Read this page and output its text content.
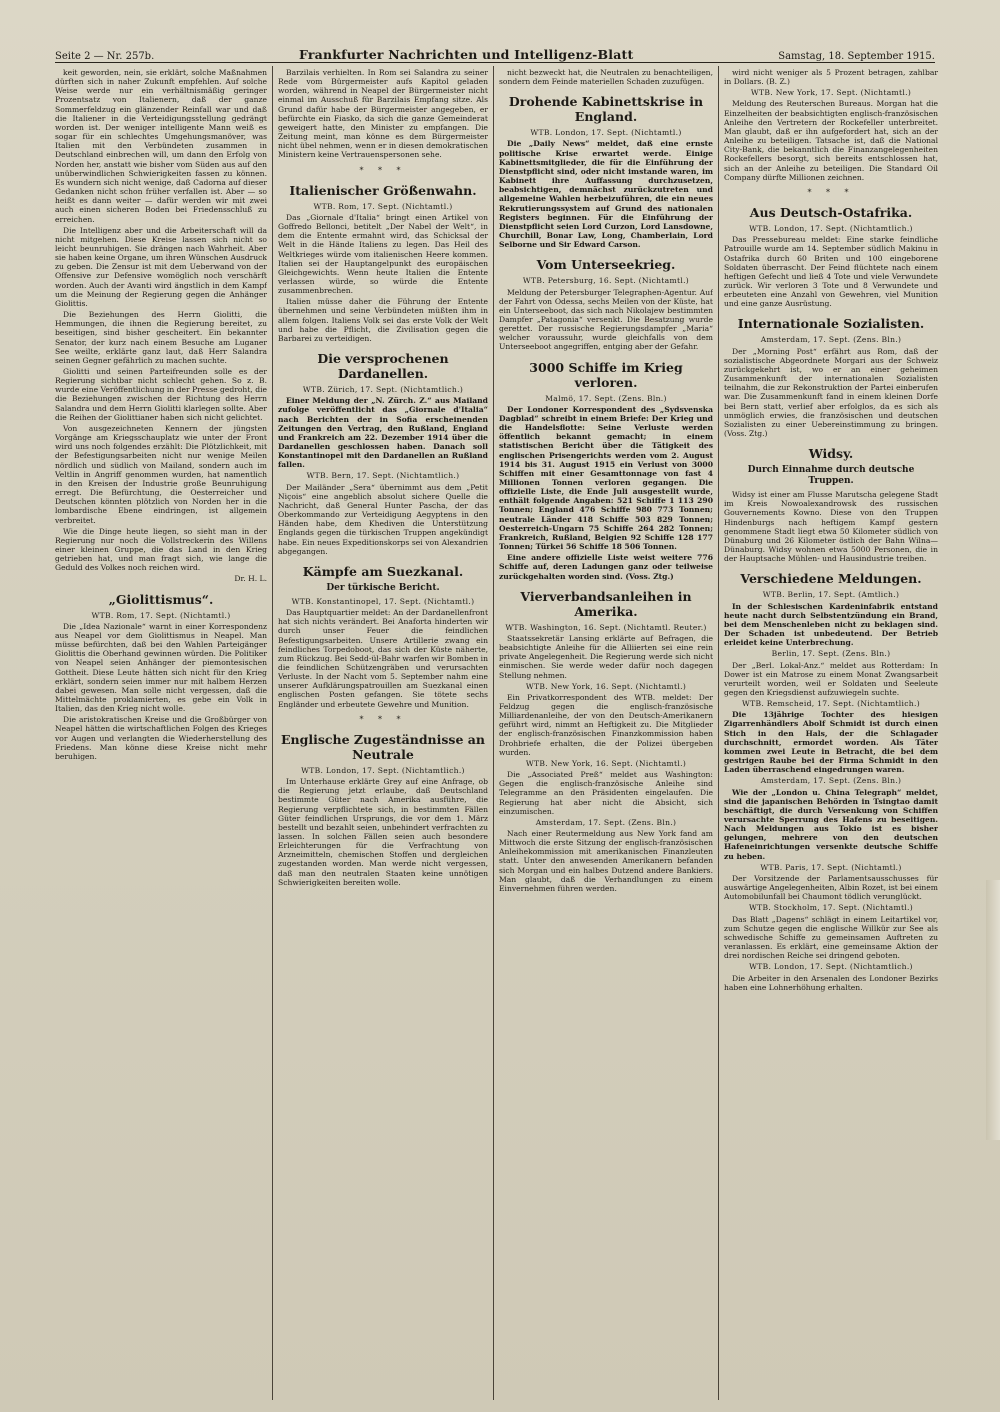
Seite 2 — Nr. 257b.	Frankfurter Nachrichten und Intelligenz-Blatt	Samstag, 18. September 1915.

keit geworden, nein, sie erklärt, solche Maßnahmen dürften sich in naher Zukunft empfehlen. Auf solche Weise werde nur ein verhältnismäßig geringer Prozentsatz von Italienern, daß der ganze Sommerfeldzug ein glänzender Reinfall war und daß die Italiener in die Verteidigungsstellung gedrängt worden ist. Der weniger intelligente Mann weiß es sogar für ein schlechtes Umgehungsmanöver, was Italien mit den Verbündeten zusammen in Deutschland einbrechen will, um dann den Erfolg von Norden her, anstatt wie bisher vom Süden aus auf den unüberwindlichen Schwierigkeiten fassen zu können. Es wundern sich nicht wenige, daß Cadorna auf dieser Gedanken nicht schon früher verfallen ist. Aber — so heißt es dann weiter — dafür werden wir mit zwei auch einen sicheren Boden bei Friedensschluß zu erreichen.

Die Intelligenz aber und die Arbeiterschaft will da nicht mitgehen. Diese Kreise lassen sich nicht so leicht beunruhigen. Sie drängen nach Wahrheit. Aber sie haben keine Organe, um ihren Wünschen Ausdruck zu geben. Die Zensur ist mit dem Ueberwand von der Offensive zur Defensive womöglich noch verschärft worden. Auch der Avanti wird ängstlich in dem Kampf um die Meinung der Regierung gegen die Anhänger Giolittis.

Die Beziehungen des Herrn Giolitti, die Hemmungen, die ihnen die Regierung bereitet, zu beseitigen, sind bisher gescheitert. Ein bekannter Senator, der kurz nach einem Besuche am Luganer See weilte, erklärte ganz laut, daß Herr Salandra seinen Gegner gefährlich zu machen suchte.

Giolitti und seinen Parteifreunden solle es der Regierung sichtbar nicht schlecht gehen. So z. B. wurde eine Veröffentlichung in der Presse gedroht, die die Beziehungen zwischen der Richtung des Herrn Salandra und dem Herrn Giolitti klarlegen sollte. Aber die Reihen der Giolittianer haben sich nicht gelichtet.

Von ausgezeichneten Kennern der jüngsten Vorgänge am Kriegsschauplatz wie unter der Front wird uns noch folgendes erzählt: Die Plötzlichkeit, mit der Befestigungsarbeiten nicht nur wenige Meilen nördlich und südlich von Mailand, sondern auch im Veltlin in Angriff genommen wurden, hat namentlich in den Kreisen der Industrie große Beunruhigung erregt. Die Befürchtung, die Oesterreicher und Deutschen könnten plötzlich von Norden her in die lombardische Ebene eindringen, ist allgemein verbreitet.

Wie die Dinge heute liegen, so sieht man in der Regierung nur noch die Vollstreckerin des Willens einer kleinen Gruppe, die das Land in den Krieg getrieben hat, und man fragt sich, wie lange die Geduld des Volkes noch reichen wird.

Dr. H. L.
„Giolittismus“.
WTB. Rom, 17. Sept. (Nichtamtl.)

Die „Idea Nazionale“ warnt in einer Korrespondenz aus Neapel vor dem Giolittismus in Neapel. Man müsse befürchten, daß bei den Wahlen Parteigänger Giolittis die Oberhand gewinnen würden. Die Politiker von Neapel seien Anhänger der piemontesischen Gottheit. Diese Leute hätten sich nicht für den Krieg erklärt, sondern seien immer nur mit halbem Herzen dabei gewesen. Man solle nicht vergessen, daß die Mittelmächte proklamierten, es gebe ein Volk in Italien, das den Krieg nicht wolle.

Die aristokratischen Kreise und die Großbürger von Neapel hätten die wirtschaftlichen Folgen des Krieges vor Augen und verlangten die Wiederherstellung des Friedens. Man könne diese Kreise nicht mehr beruhigen.

Barzilais verhielten. In Rom sei Salandra zu seiner Rede vom Bürgermeister aufs Kapitol geladen worden, während in Neapel der Bürgermeister nicht einmal im Ausschuß für Barzilais Empfang sitze. Als Grund dafür habe der Bürgermeister angegeben, er befürchte ein Fiasko, da sich die ganze Gemeinderat geweigert hatte, den Minister zu empfangen. Die Zeitung meint, man könne es dem Bürgermeister nicht übel nehmen, wenn er in diesen demokratischen Ministern keine Vertrauenspersonen sehe.

* * *
Italienischer Größenwahn.
WTB. Rom, 17. Sept. (Nichtamtl.)

Das „Giornale d'Italia“ bringt einen Artikel von Goffredo Bellonci, betitelt „Der Nabel der Welt“, in dem die Entente ermahnt wird, das Schicksal der Welt in die Hände Italiens zu legen. Das Heil des Weltkrieges würde vom italienischen Heere kommen. Italien sei der Hauptangelpunkt des europäischen Gleichgewichts. Wenn heute Italien die Entente verlassen würde, so würde die Entente zusammenbrechen.

Italien müsse daher die Führung der Entente übernehmen und seine Verbündeten müßten ihm in allem folgen. Italiens Volk sei das erste Volk der Welt und habe die Pflicht, die Zivilisation gegen die Barbarei zu verteidigen.

Die versprochenen Dardanellen.
WTB. Zürich, 17. Sept. (Nichtamtlich.)

Einer Meldung der „N. Zürch. Z.“ aus Mailand zufolge veröffentlicht das „Giornale d'Italia“ nach Berichten der in Sofia erscheinenden Zeitungen den Vertrag, den Rußland, England und Frankreich am 22. Dezember 1914 über die Dardanellen geschlossen haben. Danach soll Konstantinopel mit den Dardanellen an Rußland fallen.

WTB. Bern, 17. Sept. (Nichtamtlich.)

Der Mailänder „Sera“ übernimmt aus dem „Petit Niçois“ eine angeblich absolut sichere Quelle die Nachricht, daß General Hunter Pascha, der das Oberkommando zur Verteidigung Aegyptens in den Händen habe, dem Khediven die Unterstützung Englands gegen die türkischen Truppen angekündigt habe. Ein neues Expeditionskorps sei von Alexandrien abgegangen.

Kämpfe am Suezkanal.
Der türkische Bericht.
WTB. Konstantinopel, 17. Sept. (Nichtamtl.)

Das Hauptquartier meldet: An der Dardanellenfront hat sich nichts verändert. Bei Anaforta hinderten wir durch unser Feuer die feindlichen Befestigungsarbeiten. Unsere Artillerie zwang ein feindliches Torpedoboot, das sich der Küste näherte, zum Rückzug. Bei Sedd-ül-Bahr warfen wir Bomben in die feindlichen Schützengräben und verursachten Verluste. In der Nacht vom 5. September nahm eine unserer Aufklärungspatrouillen am Suezkanal einen englischen Posten gefangen. Sie tötete sechs Engländer und erbeutete Gewehre und Munition.

* * *
Englische Zugeständnisse an Neutrale
WTB. London, 17. Sept. (Nichtamtlich.)

Im Unterhause erklärte Grey auf eine Anfrage, ob die Regierung jetzt erlaube, daß Deutschland bestimmte Güter nach Amerika ausführe, die Regierung verpflichtete sich, in bestimmten Fällen Güter feindlichen Ursprungs, die vor dem 1. März bestellt und bezahlt seien, unbehindert verfrachten zu lassen. In solchen Fällen seien auch besondere Erleichterungen für die Verfrachtung von Arzneimitteln, chemischen Stoffen und dergleichen zugestanden worden. Man werde nicht vergessen, daß man den neutralen Staaten keine unnötigen Schwierigkeiten bereiten wolle.

nicht bezweckt hat, die Neutralen zu benachteiligen, sondern dem Feinde materiellen Schaden zuzufügen.

Drohende Kabinettskrise in England.
WTB. London, 17. Sept. (Nichtamtl.)

Die „Daily News“ meldet, daß eine ernste politische Krise erwartet werde. Einige Kabinettsmitglieder, die für die Einführung der Dienstpflicht sind, oder nicht imstande waren, im Kabinett ihre Auffassung durchzusetzen, beabsichtigen, demnächst zurückzutreten und allgemeine Wahlen herbeizuführen, die ein neues Rekrutierungssystem auf Grund des nationalen Registers beginnen. Für die Einführung der Dienstpflicht seien Lord Curzon, Lord Lansdowne, Churchill, Bonar Law, Long, Chamberlain, Lord Selborne und Sir Edward Carson.

Vom Unterseekrieg.
WTB. Petersburg, 16. Sept. (Nichtamtl.)

Meldung der Petersburger Telegraphen-Agentur. Auf der Fahrt von Odessa, sechs Meilen von der Küste, hat ein Unterseeboot, das sich nach Nikolajew bestimmten Dampfer „Patagonia“ versenkt. Die Besatzung wurde gerettet. Der russische Regierungsdampfer „Maria“ welcher voraussuhr, wurde gleichfalls von dem Unterseeboot angegriffen, entging aber der Gefahr.

3000 Schiffe im Krieg verloren.
Malmö, 17. Sept. (Zens. Bln.)

Der Londoner Korrespondent des „Sydsvenska Dagblad“ schreibt in einem Briefe: Der Krieg und die Handelsflotte: Seine Verluste werden öffentlich bekannt gemacht; in einem statistischen Bericht über die Tätigkeit des englischen Prisengerichts werden vom 2. August 1914 bis 31. August 1915 ein Verlust von 3000 Schiffen mit einer Gesamttonnage von fast 4 Millionen Tonnen verloren gegangen. Die offizielle Liste, die Ende Juli ausgestellt wurde, enthält folgende Angaben: 521 Schiffe 1 113 290 Tonnen; England 476 Schiffe 980 773 Tonnen; neutrale Länder 418 Schiffe 503 829 Tonnen; Oesterreich-Ungarn 75 Schiffe 264 282 Tonnen; Frankreich, Rußland, Belgien 92 Schiffe 128 177 Tonnen; Türkei 56 Schiffe 18 506 Tonnen.

Eine andere offizielle Liste weist weitere 776 Schiffe auf, deren Ladungen ganz oder teilweise zurückgehalten worden sind. (Voss. Ztg.)

Vierverbandsanleihen in Amerika.
WTB. Washington, 16. Sept. (Nichtamtl. Reuter.)

Staatssekretär Lansing erklärte auf Befragen, die beabsichtigte Anleihe für die Alliierten sei eine rein private Angelegenheit. Die Regierung werde sich nicht einmischen. Sie werde weder dafür noch dagegen Stellung nehmen.

WTB. New York, 16. Sept. (Nichtamtl.)

Ein Privatkorrespondent des WTB. meldet: Der Feldzug gegen die englisch-französische Milliardenanleihe, der von den Deutsch-Amerikanern geführt wird, nimmt an Heftigkeit zu. Die Mitglieder der englisch-französischen Finanzkommission haben Drohbriefe erhalten, die der Polizei übergeben wurden.

WTB. New York, 16. Sept. (Nichtamtl.)

Die „Associated Preß“ meldet aus Washington: Gegen die englisch-französische Anleihe sind Telegramme an den Präsidenten eingelaufen. Die Regierung hat aber nicht die Absicht, sich einzumischen.

Amsterdam, 17. Sept. (Zens. Bln.)

Nach einer Reutermeldung aus New York fand am Mittwoch die erste Sitzung der englisch-französischen Anleihekommission mit amerikanischen Finanzleuten statt. Unter den anwesenden Amerikanern befanden sich Morgan und ein halbes Dutzend andere Bankiers. Man glaubt, daß die Verhandlungen zu einem Einvernehmen führen werden.

wird nicht weniger als 5 Prozent betragen, zahlbar in Dollars. (B. Z.)

WTB. New York, 17. Sept. (Nichtamtl.)

Meldung des Reuterschen Bureaus. Morgan hat die Einzelheiten der beabsichtigten englisch-französischen Anleihe den Vertretern der Rockefeller unterbreitet. Man glaubt, daß er ihn aufgefordert hat, sich an der Anleihe zu beteiligen. Tatsache ist, daß die National City-Bank, die bekanntlich die Finanzangelegenheiten Rockefellers besorgt, sich bereits entschlossen hat, sich an der Anleihe zu beteiligen. Die Standard Oil Company dürfte Millionen zeichnen.

* * *
Aus Deutsch-Ostafrika.
WTB. London, 17. Sept. (Nichtamtlich.)

Das Pressebureau meldet: Eine starke feindliche Patrouille wurde am 14. September südlich Makinu in Ostafrika durch 60 Briten und 100 eingeborene Soldaten überrascht. Der Feind flüchtete nach einem heftigen Gefecht und ließ 4 Tote und viele Verwundete zurück. Wir verloren 3 Tote und 8 Verwundete und erbeuteten eine Anzahl von Gewehren, viel Munition und eine ganze Ausrüstung.

Internationale Sozialisten.
Amsterdam, 17. Sept. (Zens. Bln.)

Der „Morning Post“ erfährt aus Rom, daß der sozialistische Abgeordnete Morgari aus der Schweiz zurückgekehrt ist, wo er an einer geheimen Zusammenkunft der internationalen Sozialisten teilnahm, die zur Rekonstruktion der Partei einberufen war. Die Zusammenkunft fand in einem kleinen Dorfe bei Bern statt, verlief aber erfolglos, da es sich als unmöglich erwies, die französischen und deutschen Sozialisten zu einer Uebereinstimmung zu bringen. (Voss. Ztg.)

Widsy.
Durch Einnahme durch deutsche Truppen.

Widsy ist einer am Flusse Marutscha gelegene Stadt im Kreis Nowoalexandrowsk des russischen Gouvernements Kowno. Diese von den Truppen Hindenburgs nach heftigem Kampf gestern genommene Stadt liegt etwa 50 Kilometer südlich von Dünaburg und 26 Kilometer östlich der Bahn Wilna—Dünaburg. Widsy wohnen etwa 5000 Personen, die in der Hauptsache Mühlen- und Hausindustrie treiben.

Verschiedene Meldungen.
WTB. Berlin, 17. Sept. (Amtlich.)

In der Schlesischen Kardeninfabrik entstand heute nacht durch Selbstentzündung ein Brand, bei dem Menschenleben nicht zu beklagen sind. Der Schaden ist unbedeutend. Der Betrieb erleidet keine Unterbrechung.

Berlin, 17. Sept. (Zens. Bln.)

Der „Berl. Lokal-Anz.“ meldet aus Rotterdam: In Dower ist ein Matrose zu einem Monat Zwangsarbeit verurteilt worden, weil er Soldaten und Seeleute gegen den Kriegsdienst aufzuwiegeln suchte.

WTB. Remscheid, 17. Sept. (Nichtamtlich.)

Die 13jährige Tochter des hiesigen Zigarrenhändlers Abolf Schmidt ist durch einen Stich in den Hals, der die Schlagader durchschnitt, ermordet worden. Als Täter kommen zwei Leute in Betracht, die bei dem gestrigen Raube bei der Firma Schmidt in den Laden überraschend eingedrungen waren.

Amsterdam, 17. Sept. (Zens. Bln.)

Wie der „London u. China Telegraph“ meldet, sind die japanischen Behörden in Tsingtao damit beschäftigt, die durch Versenkung von Schiffen verursachte Sperrung des Hafens zu beseitigen. Nach Meldungen aus Tokio ist es bisher gelungen, mehrere von den deutschen Hafeneinrichtungen versenkte deutsche Schiffe zu heben.

WTB. Paris, 17. Sept. (Nichtamtl.)

Der Vorsitzende der Parlamentsausschusses für auswärtige Angelegenheiten, Albin Rozet, ist bei einem Automobilunfall bei Chaumont tödlich verunglückt.

WTB. Stockholm, 17. Sept. (Nichtamtl.)

Das Blatt „Dagens“ schlägt in einem Leitartikel vor, zum Schutze gegen die englische Willkür zur See als schwedische Schiffe zu gemeinsamen Auftreten zu veranlassen. Es erklärt, eine gemeinsame Aktion der drei nordischen Reiche sei dringend geboten.

WTB. London, 17. Sept. (Nichtamtlich.)

Die Arbeiter in den Arsenalen des Londoner Bezirks haben eine Lohnerhöhung erhalten.
